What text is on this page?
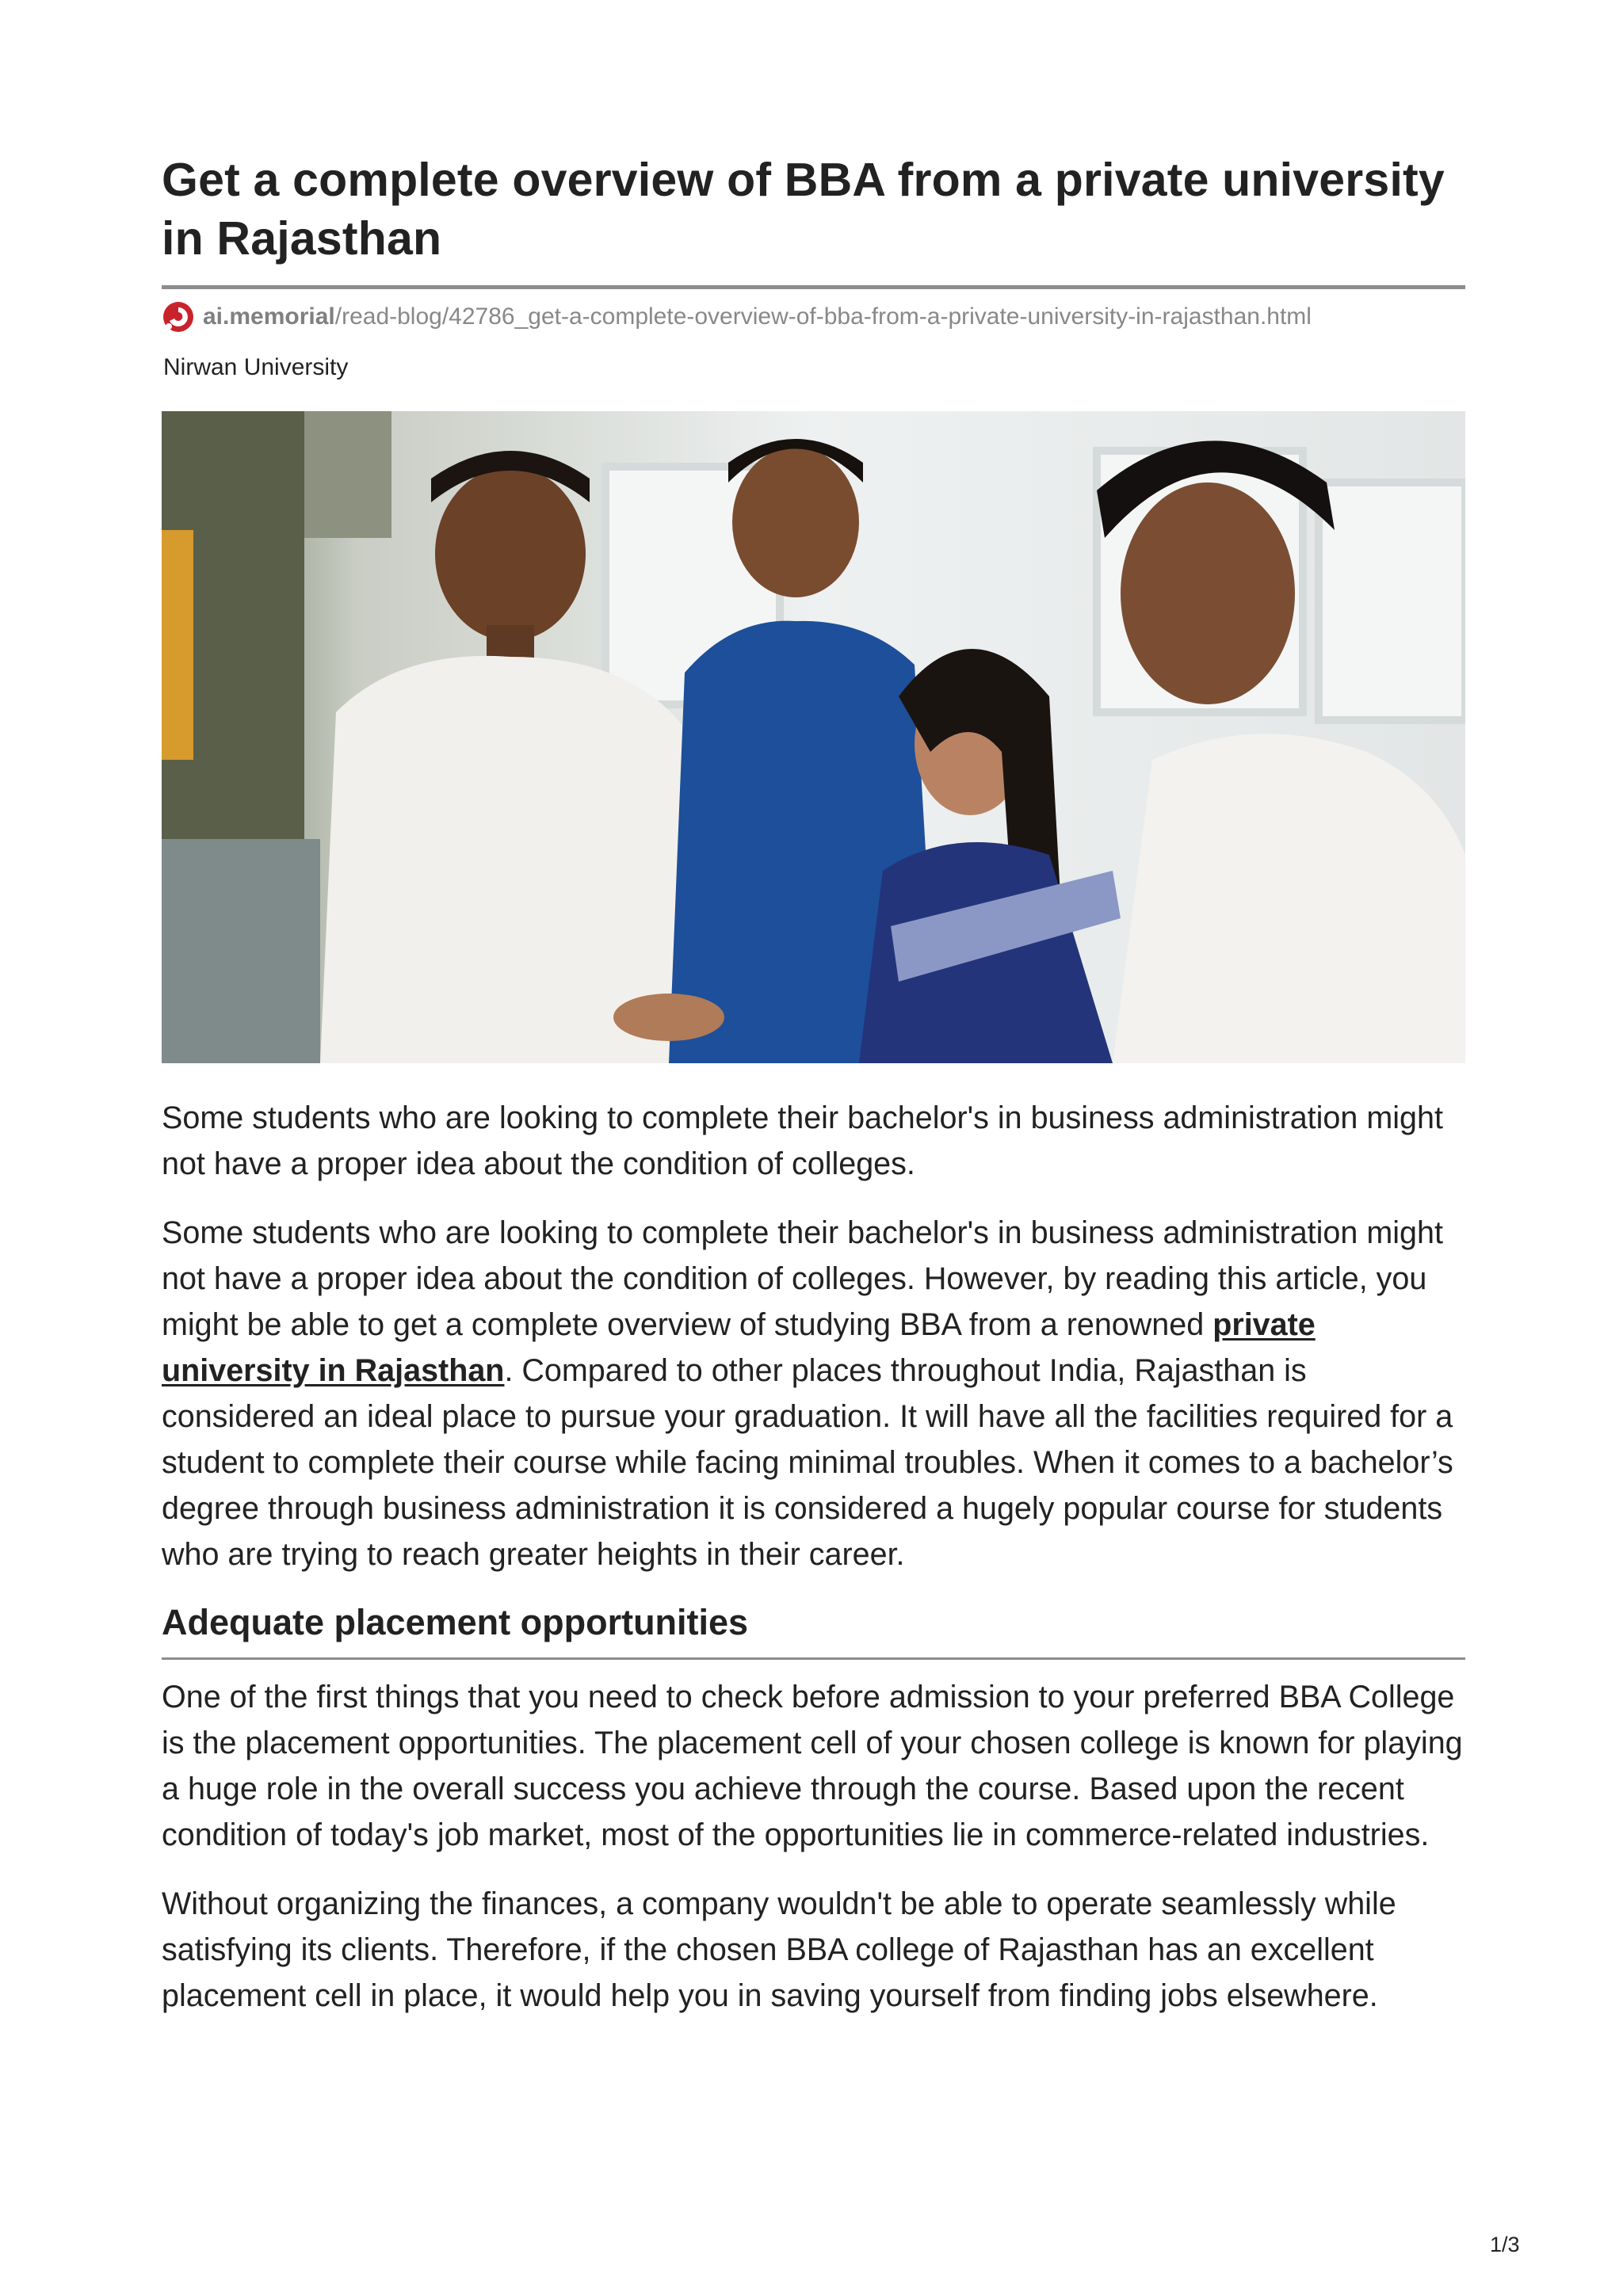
Get a complete overview of BBA from a private university in Rajasthan
ai.memorial/read-blog/42786_get-a-complete-overview-of-bba-from-a-private-university-in-rajasthan.html
Nirwan University

Some students who are looking to complete their bachelor's in business administration might not have a proper idea about the condition of colleges.

Some students who are looking to complete their bachelor's in business administration might not have a proper idea about the condition of colleges. However, by reading this article, you might be able to get a complete overview of studying BBA from a renowned private university in Rajasthan. Compared to other places throughout India, Rajasthan is considered an ideal place to pursue your graduation. It will have all the facilities required for a student to complete their course while facing minimal troubles. When it comes to a bachelor’s degree through business administration it is considered a hugely popular course for students who are trying to reach greater heights in their career.

Adequate placement opportunities

One of the first things that you need to check before admission to your preferred BBA College is the placement opportunities. The placement cell of your chosen college is known for playing a huge role in the overall success you achieve through the course. Based upon the recent condition of today's job market, most of the opportunities lie in commerce-related industries.

Without organizing the finances, a company wouldn't be able to operate seamlessly while satisfying its clients. Therefore, if the chosen BBA college of Rajasthan has an excellent placement cell in place, it would help you in saving yourself from finding jobs elsewhere.

1/3
